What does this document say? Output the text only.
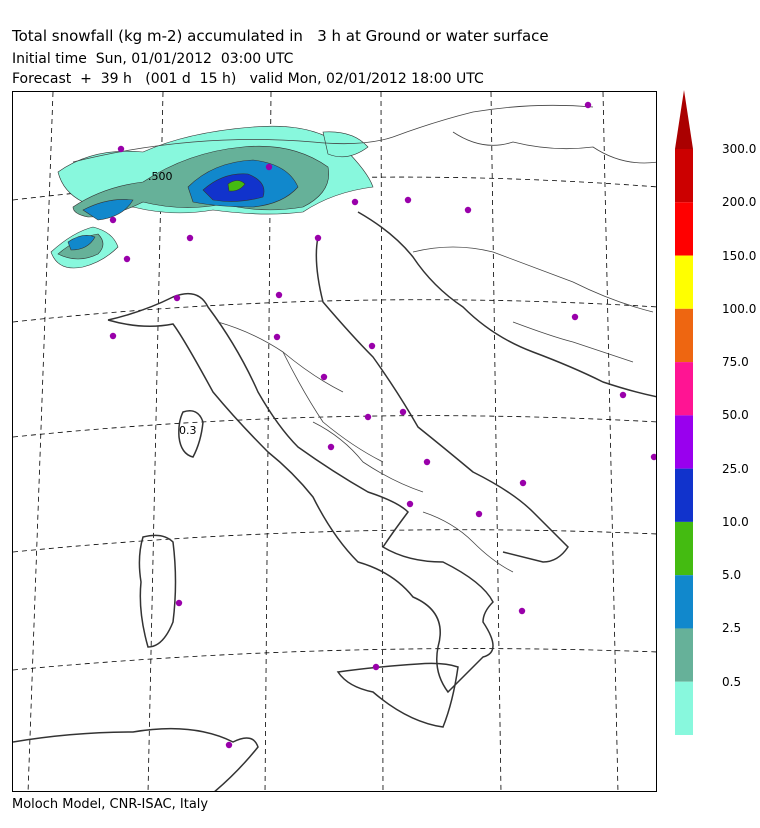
Total snowfall (kg m-2) accumulated in   3 h at Ground or water surface
Initial time  Sun, 01/01/2012  03:00 UTC
Forecast  +  39 h   (001 d  15 h)   valid Mon, 02/01/2012 18:00 UTC
0.3
.500
300.0
200.0
150.0
100.0
75.0
50.0
25.0
10.0
5.0
2.5
0.5
Moloch Model, CNR-ISAC, Italy
